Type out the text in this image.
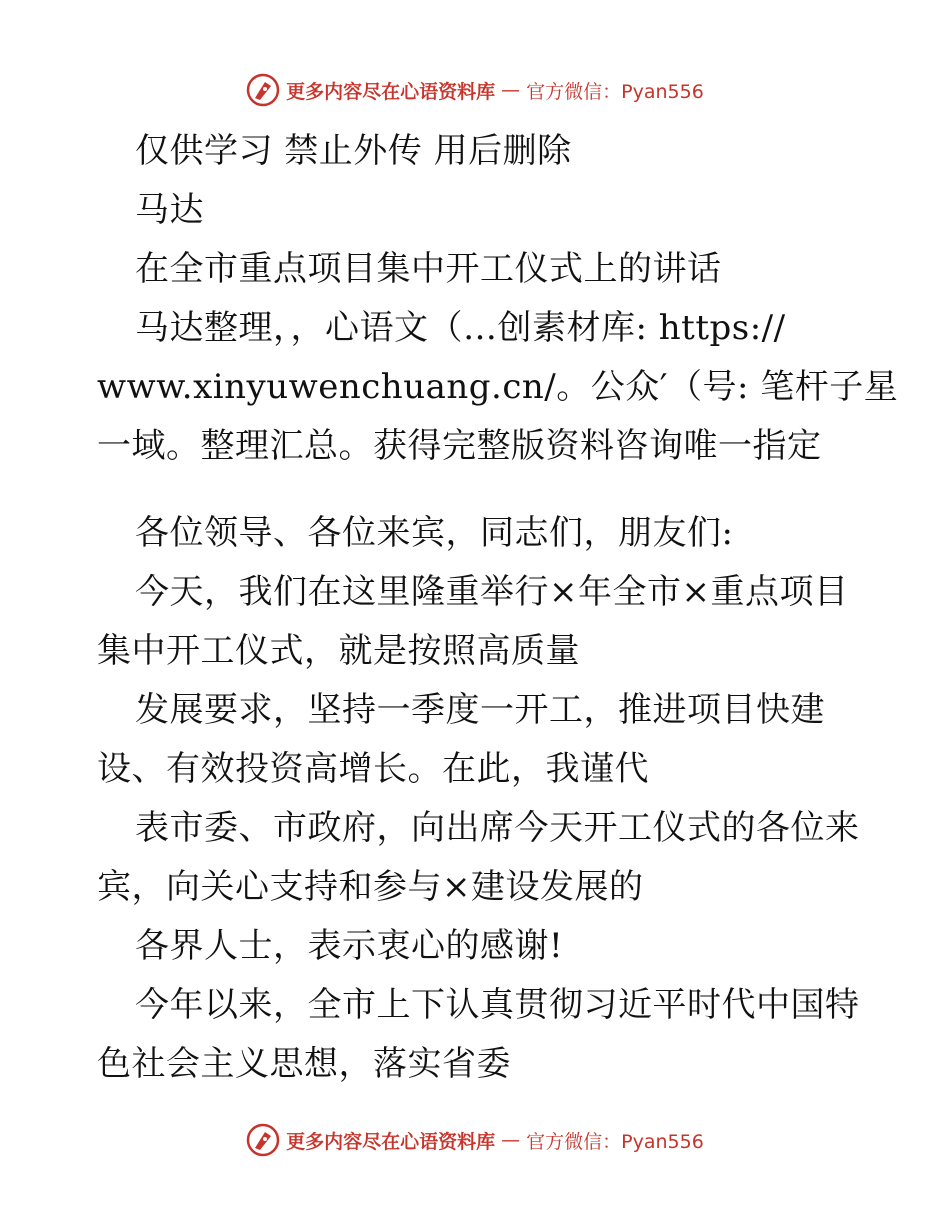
更多内容尽在心语资料库 — 官方微信：Pyan556
仅供学习 禁止外传 用后删除
马达
在全市重点项目集中开工仪式上的讲话
马达整理，，心语文（…创素材库: https://
www.xinyuwenchuang.cn/。公众′（号: 笔杆子星
一域。整理汇总。获得完整版资料咨询唯一指定
各位领导、各位来宾，同志们，朋友们:
今天，我们在这里隆重举行×年全市×重点项目
集中开工仪式，就是按照高质量
发展要求，坚持一季度一开工，推进项目快建
设、有效投资高增长。在此，我谨代
表市委、市政府，向出席今天开工仪式的各位来
宾，向关心支持和参与×建设发展的
各界人士，表示衷心的感谢!
今年以来，全市上下认真贯彻习近平时代中国特
色社会主义思想，落实省委
更多内容尽在心语资料库 — 官方微信：Pyan556
